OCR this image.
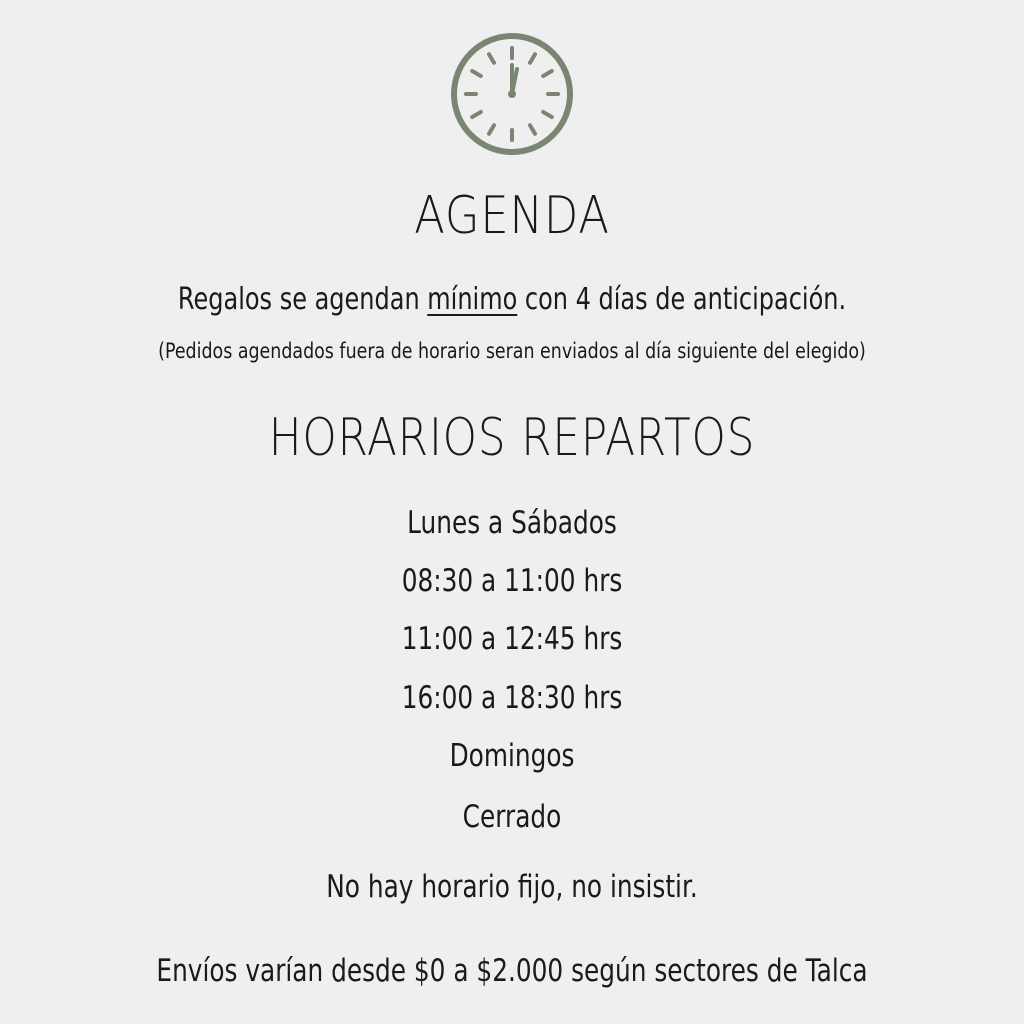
AGENDA
Regalos se agendan mínimo con 4 días de anticipación.
(Pedidos agendados fuera de horario seran enviados al día siguiente del elegido)
HORARIOS REPARTOS
Lunes a Sábados
08:30 a 11:00 hrs
11:00 a 12:45 hrs
16:00 a 18:30 hrs
Domingos
Cerrado
No hay horario fijo, no insistir.
Envíos varían desde $0 a $2.000 según sectores de Talca
